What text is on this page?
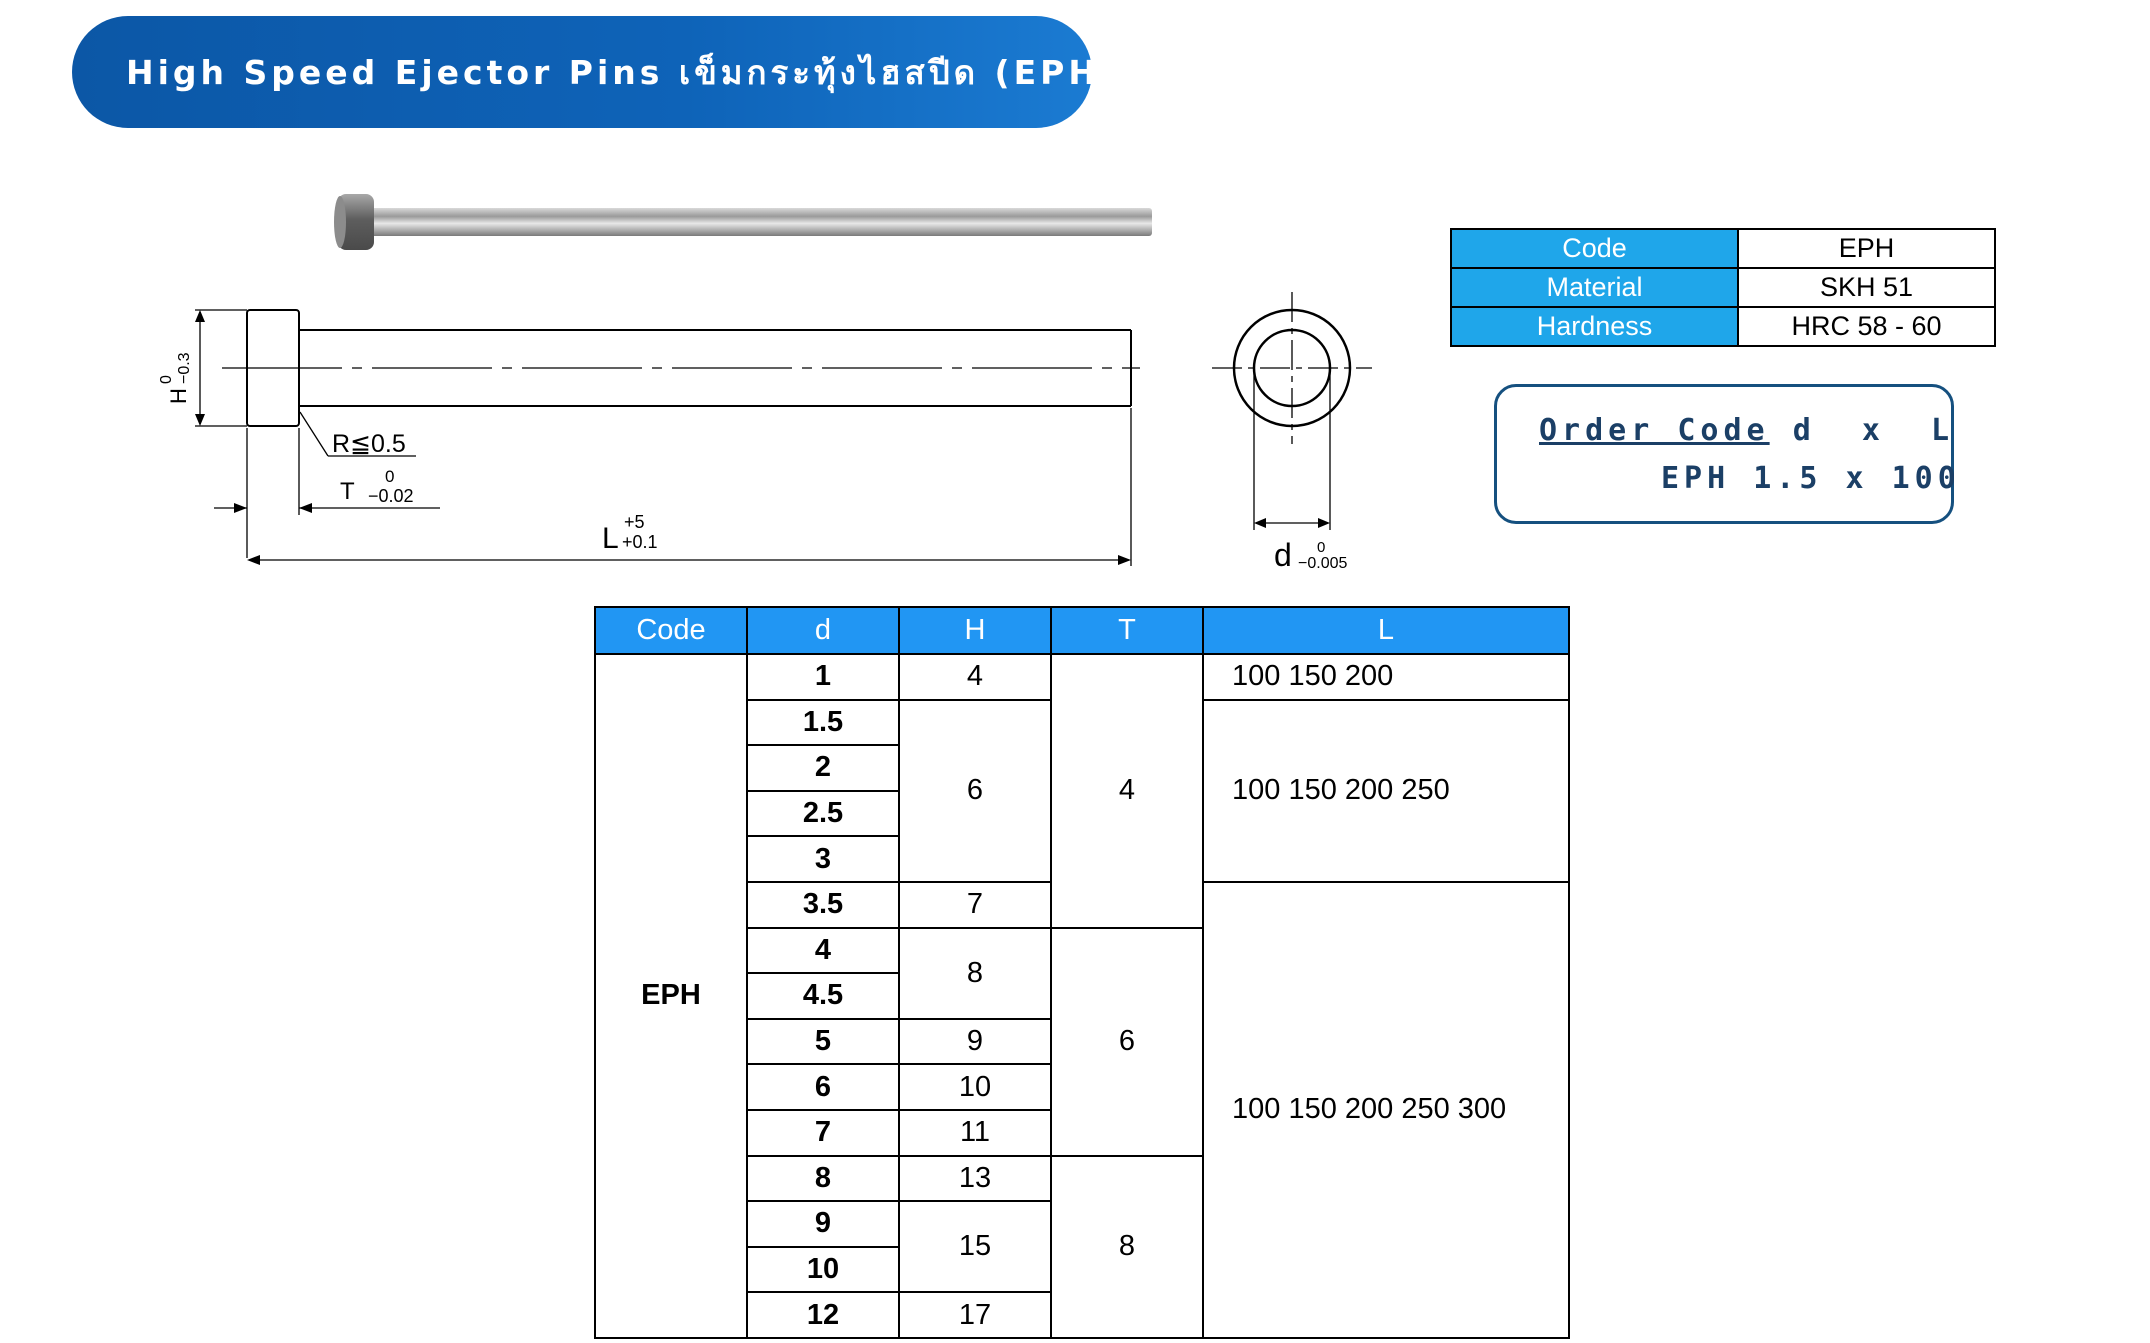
High Speed Ejector Pins เข็มกระทุ้งไฮสปีด (EPH)
H
0 −0.3
R≦0.5
T
0
−0.02
L +5
+0.1	d 0
−0.005
Code	EPH
Material	SKH 51
Hardness	HRC 58 - 60
Order Code d  x  L
EPH 1.5 x 100
Code	d	H	T	L
EPH	1	4	4	100 150 200
	1.5	6		100 150 200 250
	2			
	2.5			
	3			
	3.5	7		100 150 200 250 300
	4	8	6	
	4.5			
	5	9		
	6	10		
	7	11		
	8	13	8	
	9	15		
	10			
	12	17		
